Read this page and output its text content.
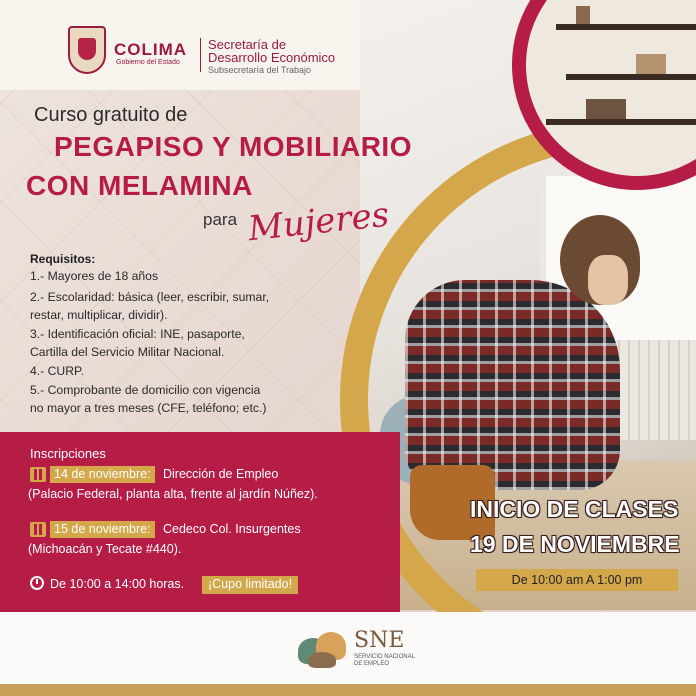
COLIMA
Gobierno del Estado
Secretaría de
Desarrollo Económico
Subsecretaría del Trabajo
Curso gratuito de
PEGAPISO Y MOBILIARIO
CON MELAMINA
para Mujeres
Requisitos:
1.- Mayores de 18 años
2.- Escolaridad: básica (leer, escribir, sumar,
restar, multiplicar, dividir).
3.- Identificación oficial: INE, pasaporte,
Cartilla del Servicio Militar Nacional.
4.- CURP.
5.- Comprobante de domicilio con vigencia
no mayor a tres meses (CFE, teléfono; etc.)
Inscripciones
14 de noviembre: Dirección de Empleo
(Palacio Federal, planta alta, frente al jardín Núñez).
15 de noviembre: Cedeco Col. Insurgentes
(Michoacán y Tecate #440).
De 10:00 a 14:00 horas.	¡Cupo limitado!
INICIO DE CLASES
19 DE NOVIEMBRE
De 10:00 am A 1:00 pm
SNE
SERVICIO NACIONAL
DE EMPLEO
